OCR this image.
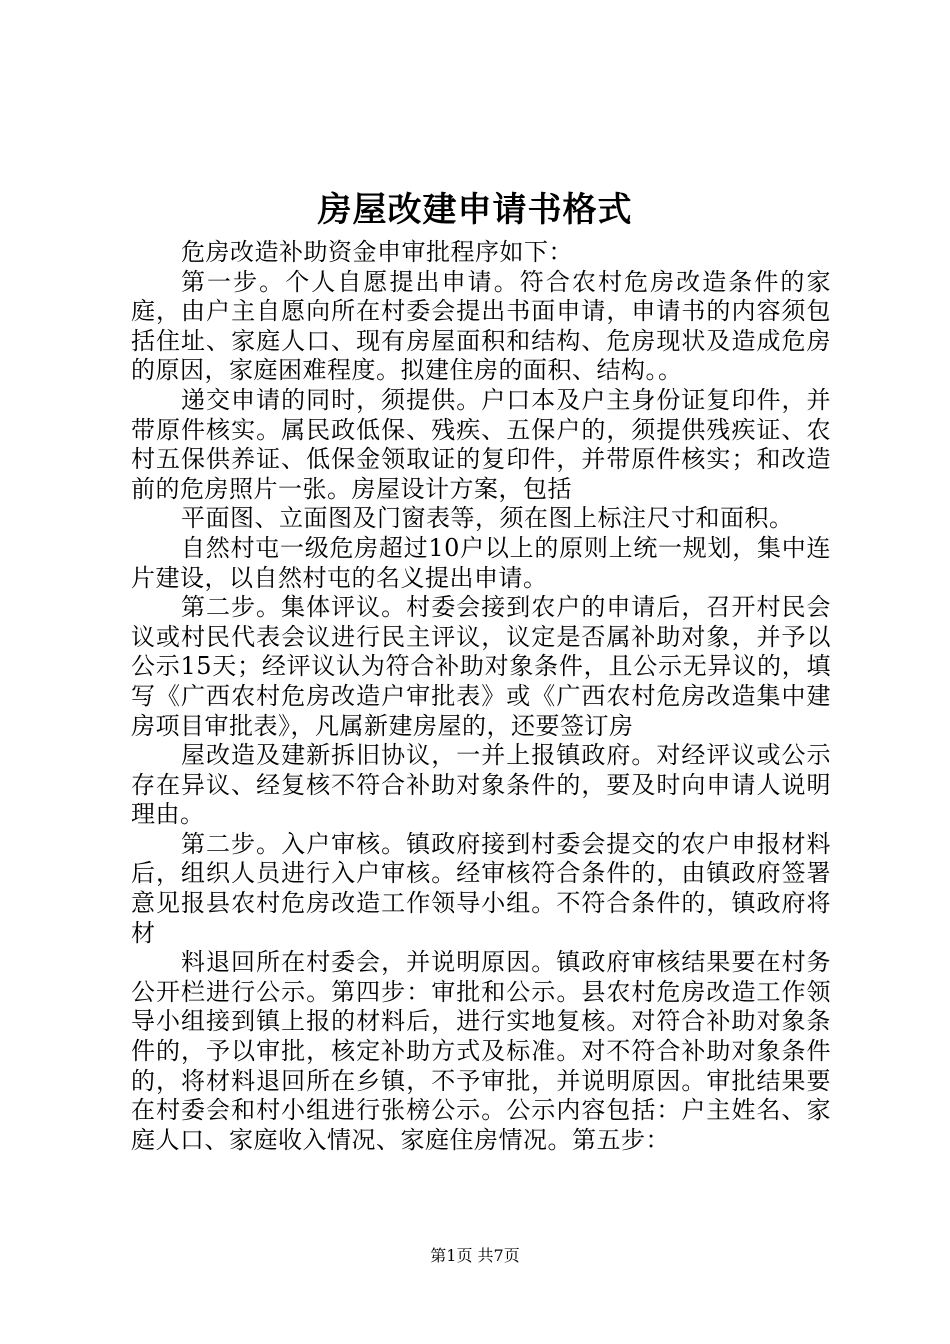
房屋改建申请书格式

危房改造补助资金申审批程序如下：

第一步。个人自愿提出申请。符合农村危房改造条件的家庭，由户主自愿向所在村委会提出书面申请，申请书的内容须包括住址、家庭人口、现有房屋面积和结构、危房现状及造成危房的原因，家庭困难程度。拟建住房的面积、结构。。

递交申请的同时，须提供。户口本及户主身份证复印件，并带原件核实。属民政低保、残疾、五保户的，须提供残疾证、农村五保供养证、低保金领取证的复印件，并带原件核实；和改造前的危房照片一张。房屋设计方案，包括

平面图、立面图及门窗表等，须在图上标注尺寸和面积。

自然村屯一级危房超过10户以上的原则上统一规划，集中连片建设，以自然村屯的名义提出申请。

第二步。集体评议。村委会接到农户的申请后，召开村民会议或村民代表会议进行民主评议，议定是否属补助对象，并予以公示15天；经评议认为符合补助对象条件，且公示无异议的，填写《广西农村危房改造户审批表》或《广西农村危房改造集中建房项目审批表》，凡属新建房屋的，还要签订房

屋改造及建新拆旧协议，一并上报镇政府。对经评议或公示存在异议、经复核不符合补助对象条件的，要及时向申请人说明理由。

第二步。入户审核。镇政府接到村委会提交的农户申报材料后，组织人员进行入户审核。经审核符合条件的，由镇政府签署意见报县农村危房改造工作领导小组。不符合条件的，镇政府将材

料退回所在村委会，并说明原因。镇政府审核结果要在村务公开栏进行公示。第四步：审批和公示。县农村危房改造工作领导小组接到镇上报的材料后，进行实地复核。对符合补助对象条件的，予以审批，核定补助方式及标准。对不符合补助对象条件的，将材料退回所在乡镇，不予审批，并说明原因。审批结果要在村委会和村小组进行张榜公示。公示内容包括：户主姓名、家庭人口、家庭收入情况、家庭住房情况。第五步：

第1页 共7页
